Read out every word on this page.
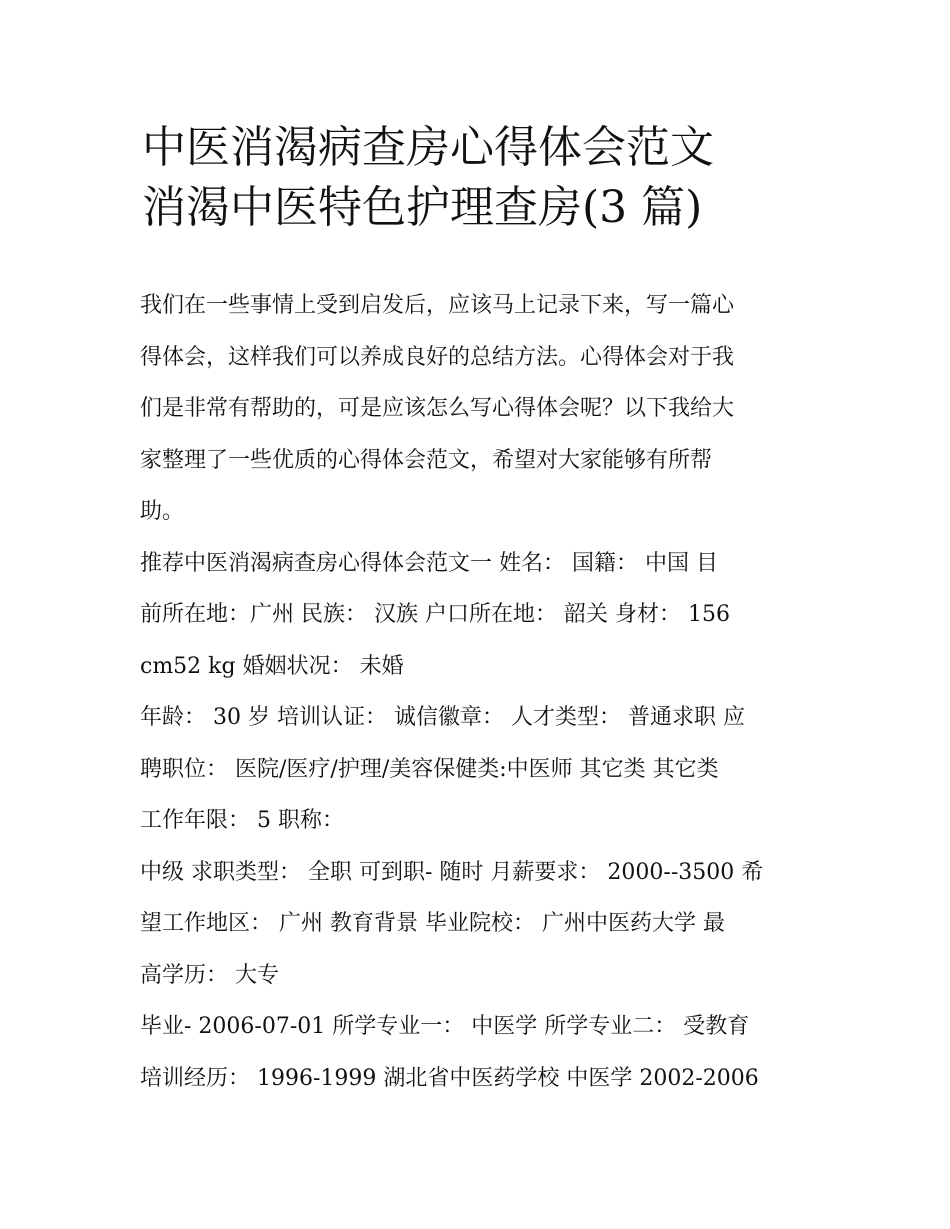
中医消渴病查房心得体会范文
消渴中医特色护理查房(3 篇)

我们在一些事情上受到启发后，应该马上记录下来，写一篇心
得体会，这样我们可以养成良好的总结方法。心得体会对于我
们是非常有帮助的，可是应该怎么写心得体会呢？以下我给大
家整理了一些优质的心得体会范文，希望对大家能够有所帮
助。

推荐中医消渴病查房心得体会范文一 姓名： 国籍： 中国 目
前所在地：广州 民族： 汉族 户口所在地： 韶关 身材： 156
cm52 kg 婚姻状况： 未婚

年龄： 30 岁 培训认证： 诚信徽章： 人才类型： 普通求职 应
聘职位： 医院/医疗/护理/美容保健类:中医师 其它类 其它类
工作年限： 5 职称：

中级 求职类型： 全职 可到职- 随时 月薪要求： 2000--3500 希
望工作地区： 广州 教育背景 毕业院校： 广州中医药大学 最
高学历： 大专

毕业- 2006-07-01 所学专业一： 中医学 所学专业二： 受教育
培训经历： 1996-1999 湖北省中医药学校 中医学 2002-2006
